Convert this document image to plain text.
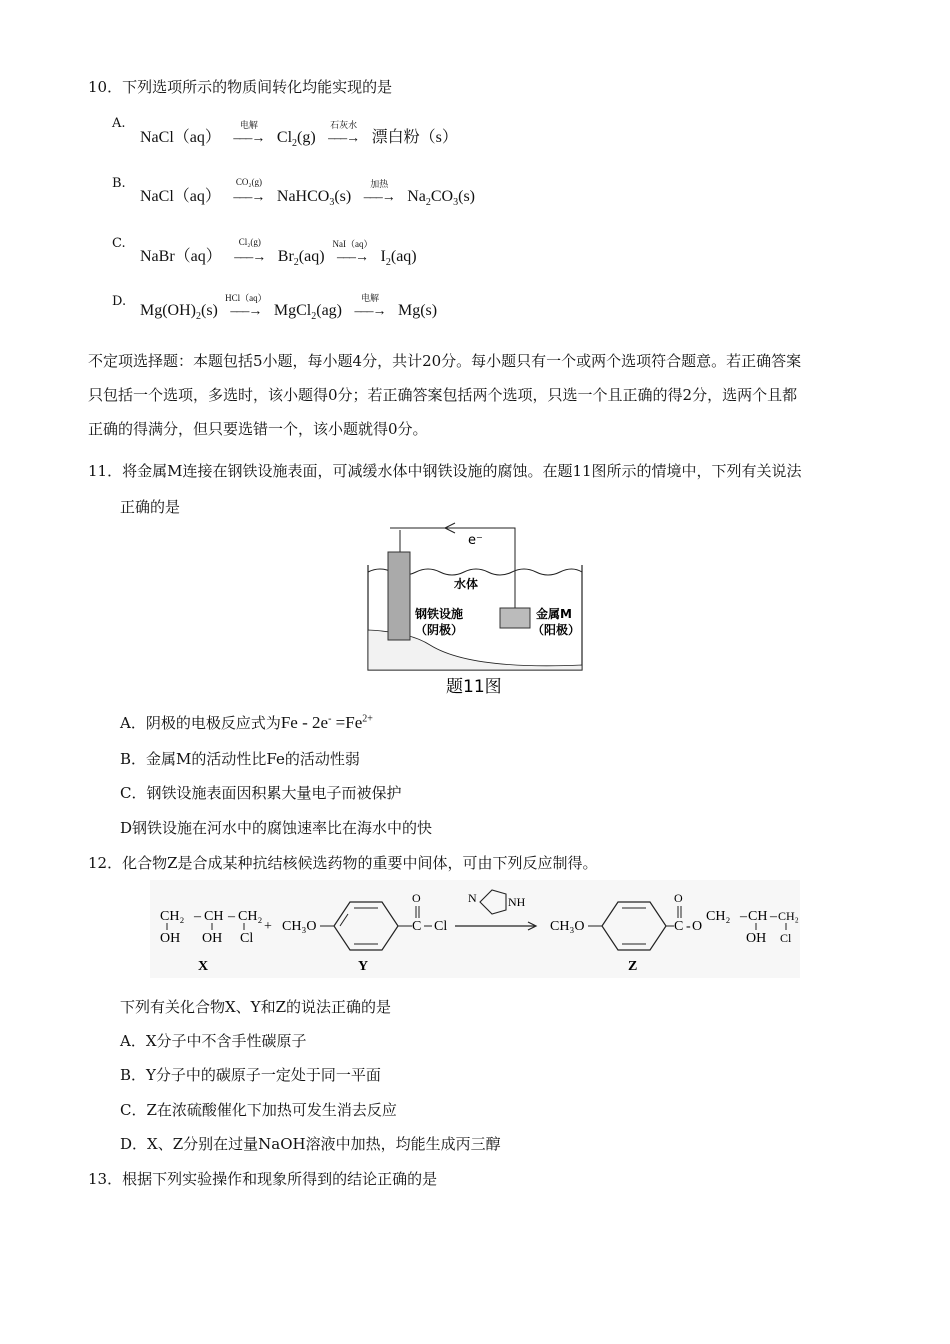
10．下列选项所示的物质间转化均能实现的是
A.
NaCl（aq）
电解
–––→ $Cl_2(g)$
石灰水
–––→ 漂白粉（s）
B.
NaCl（aq）
CO₂(g)
–––→ NaHCO$_3$(s)
加热
–––→ $Na_2CO_3(s)$
C.
NaBr（aq）
Cl₂(g)
–––→ $Br_2(aq)$
NaI（aq）
–––→ $I_2(aq)$
D.
$Mg(OH)_2(s)$
HCl（aq）
–––→ MgCl$_2$(ag)
电解
–––→ Mg(s)
不定项选择题：本题包括5小题，每小题4分，共计20分。每小题只有一个或两个选项符合题意。若正确答案
只包括一个选项，多选时，该小题得0分；若正确答案包括两个选项，只选一个且正确的得2分，选两个且都
正确的得满分，但只要选错一个，该小题就得0分。
11．将金属M连接在钢铁设施表面，可减缓水体中钢铁设施的腐蚀。在题11图所示的情境中，下列有关说法
正确的是
e⁻
水体
钢铁设施
（阴极）
金属M
（阳极）
题11图
A．阴极的电极反应式为$Fe - 2e^- =Fe^{2+}$
B．金属M的活动性比Fe的活动性弱
C．钢铁设施表面因积累大量电子而被保护
D钢铁设施在河水中的腐蚀速率比在海水中的快
12．化合物Z是合成某种抗结核候选药物的重要中间体，可由下列反应制得。
CH₂ – CH – CH₂
OH OH Cl
X
+ CH₃O	C
O
Cl
Y
N	NH
CH₃O	C
O
- O
CH₂ – CH – CH₂
OH Cl
Z
下列有关化合物X、Y和Z的说法正确的是
A．X分子中不含手性碳原子
B．Y分子中的碳原子一定处于同一平面
C．Z在浓硫酸催化下加热可发生消去反应
D．X、Z分别在过量NaOH溶液中加热，均能生成丙三醇
13．根据下列实验操作和现象所得到的结论正确的是
